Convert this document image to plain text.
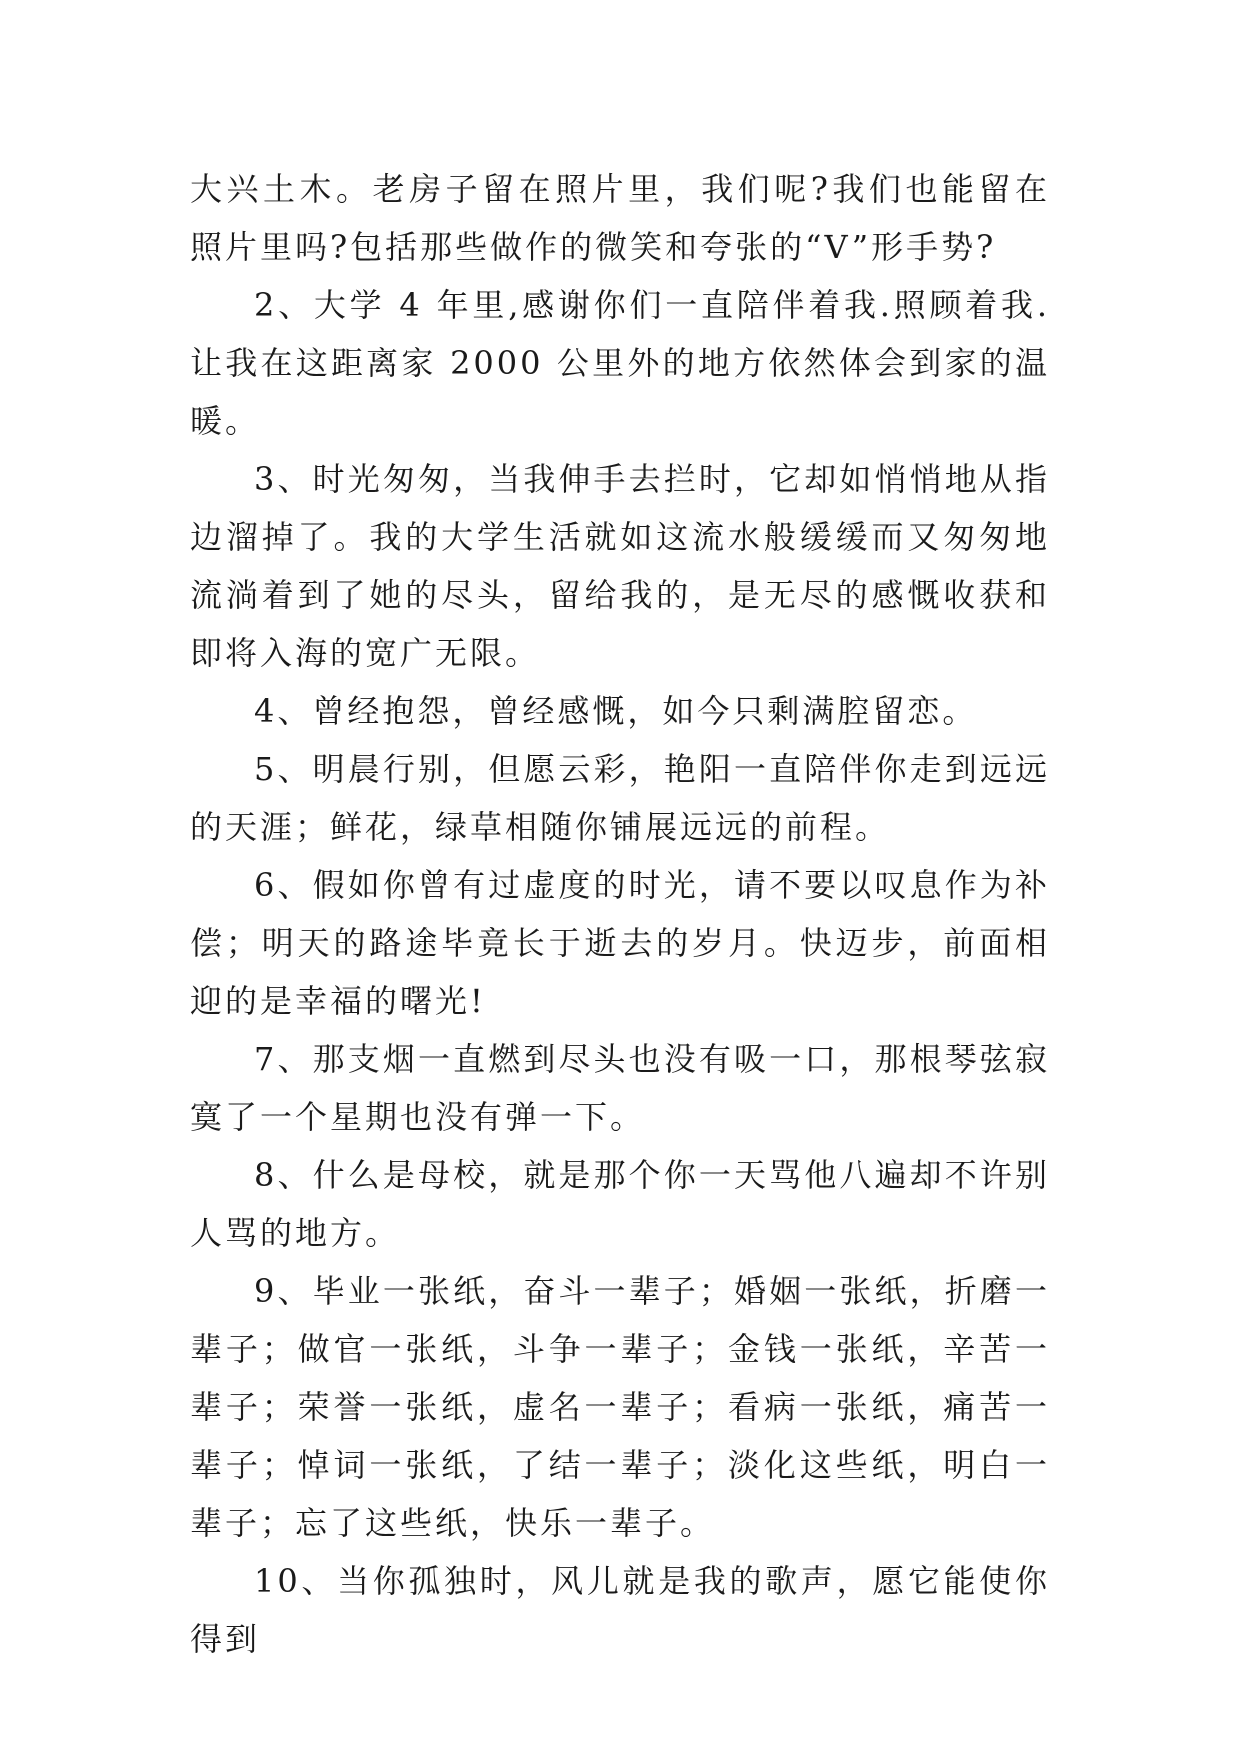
大兴土木。老房子留在照片里，我们呢?我们也能留在照片里吗?包括那些做作的微笑和夸张的“V”形手势?

2、大学 4 年里,感谢你们一直陪伴着我.照顾着我.让我在这距离家 2000 公里外的地方依然体会到家的温暖。

3、时光匆匆，当我伸手去拦时，它却如悄悄地从指边溜掉了。我的大学生活就如这流水般缓缓而又匆匆地流淌着到了她的尽头，留给我的，是无尽的感慨收获和即将入海的宽广无限。

4、曾经抱怨，曾经感慨，如今只剩满腔留恋。

5、明晨行别，但愿云彩，艳阳一直陪伴你走到远远的天涯；鲜花，绿草相随你铺展远远的前程。

6、假如你曾有过虚度的时光，请不要以叹息作为补偿；明天的路途毕竟长于逝去的岁月。快迈步，前面相迎的是幸福的曙光!

7、那支烟一直燃到尽头也没有吸一口，那根琴弦寂寞了一个星期也没有弹一下。

8、什么是母校，就是那个你一天骂他八遍却不许别人骂的地方。

9、毕业一张纸，奋斗一辈子；婚姻一张纸，折磨一辈子；做官一张纸，斗争一辈子；金钱一张纸，辛苦一辈子；荣誉一张纸，虚名一辈子；看病一张纸，痛苦一辈子；悼词一张纸，了结一辈子；淡化这些纸，明白一辈子；忘了这些纸，快乐一辈子。

10、当你孤独时，风儿就是我的歌声，愿它能使你得到
